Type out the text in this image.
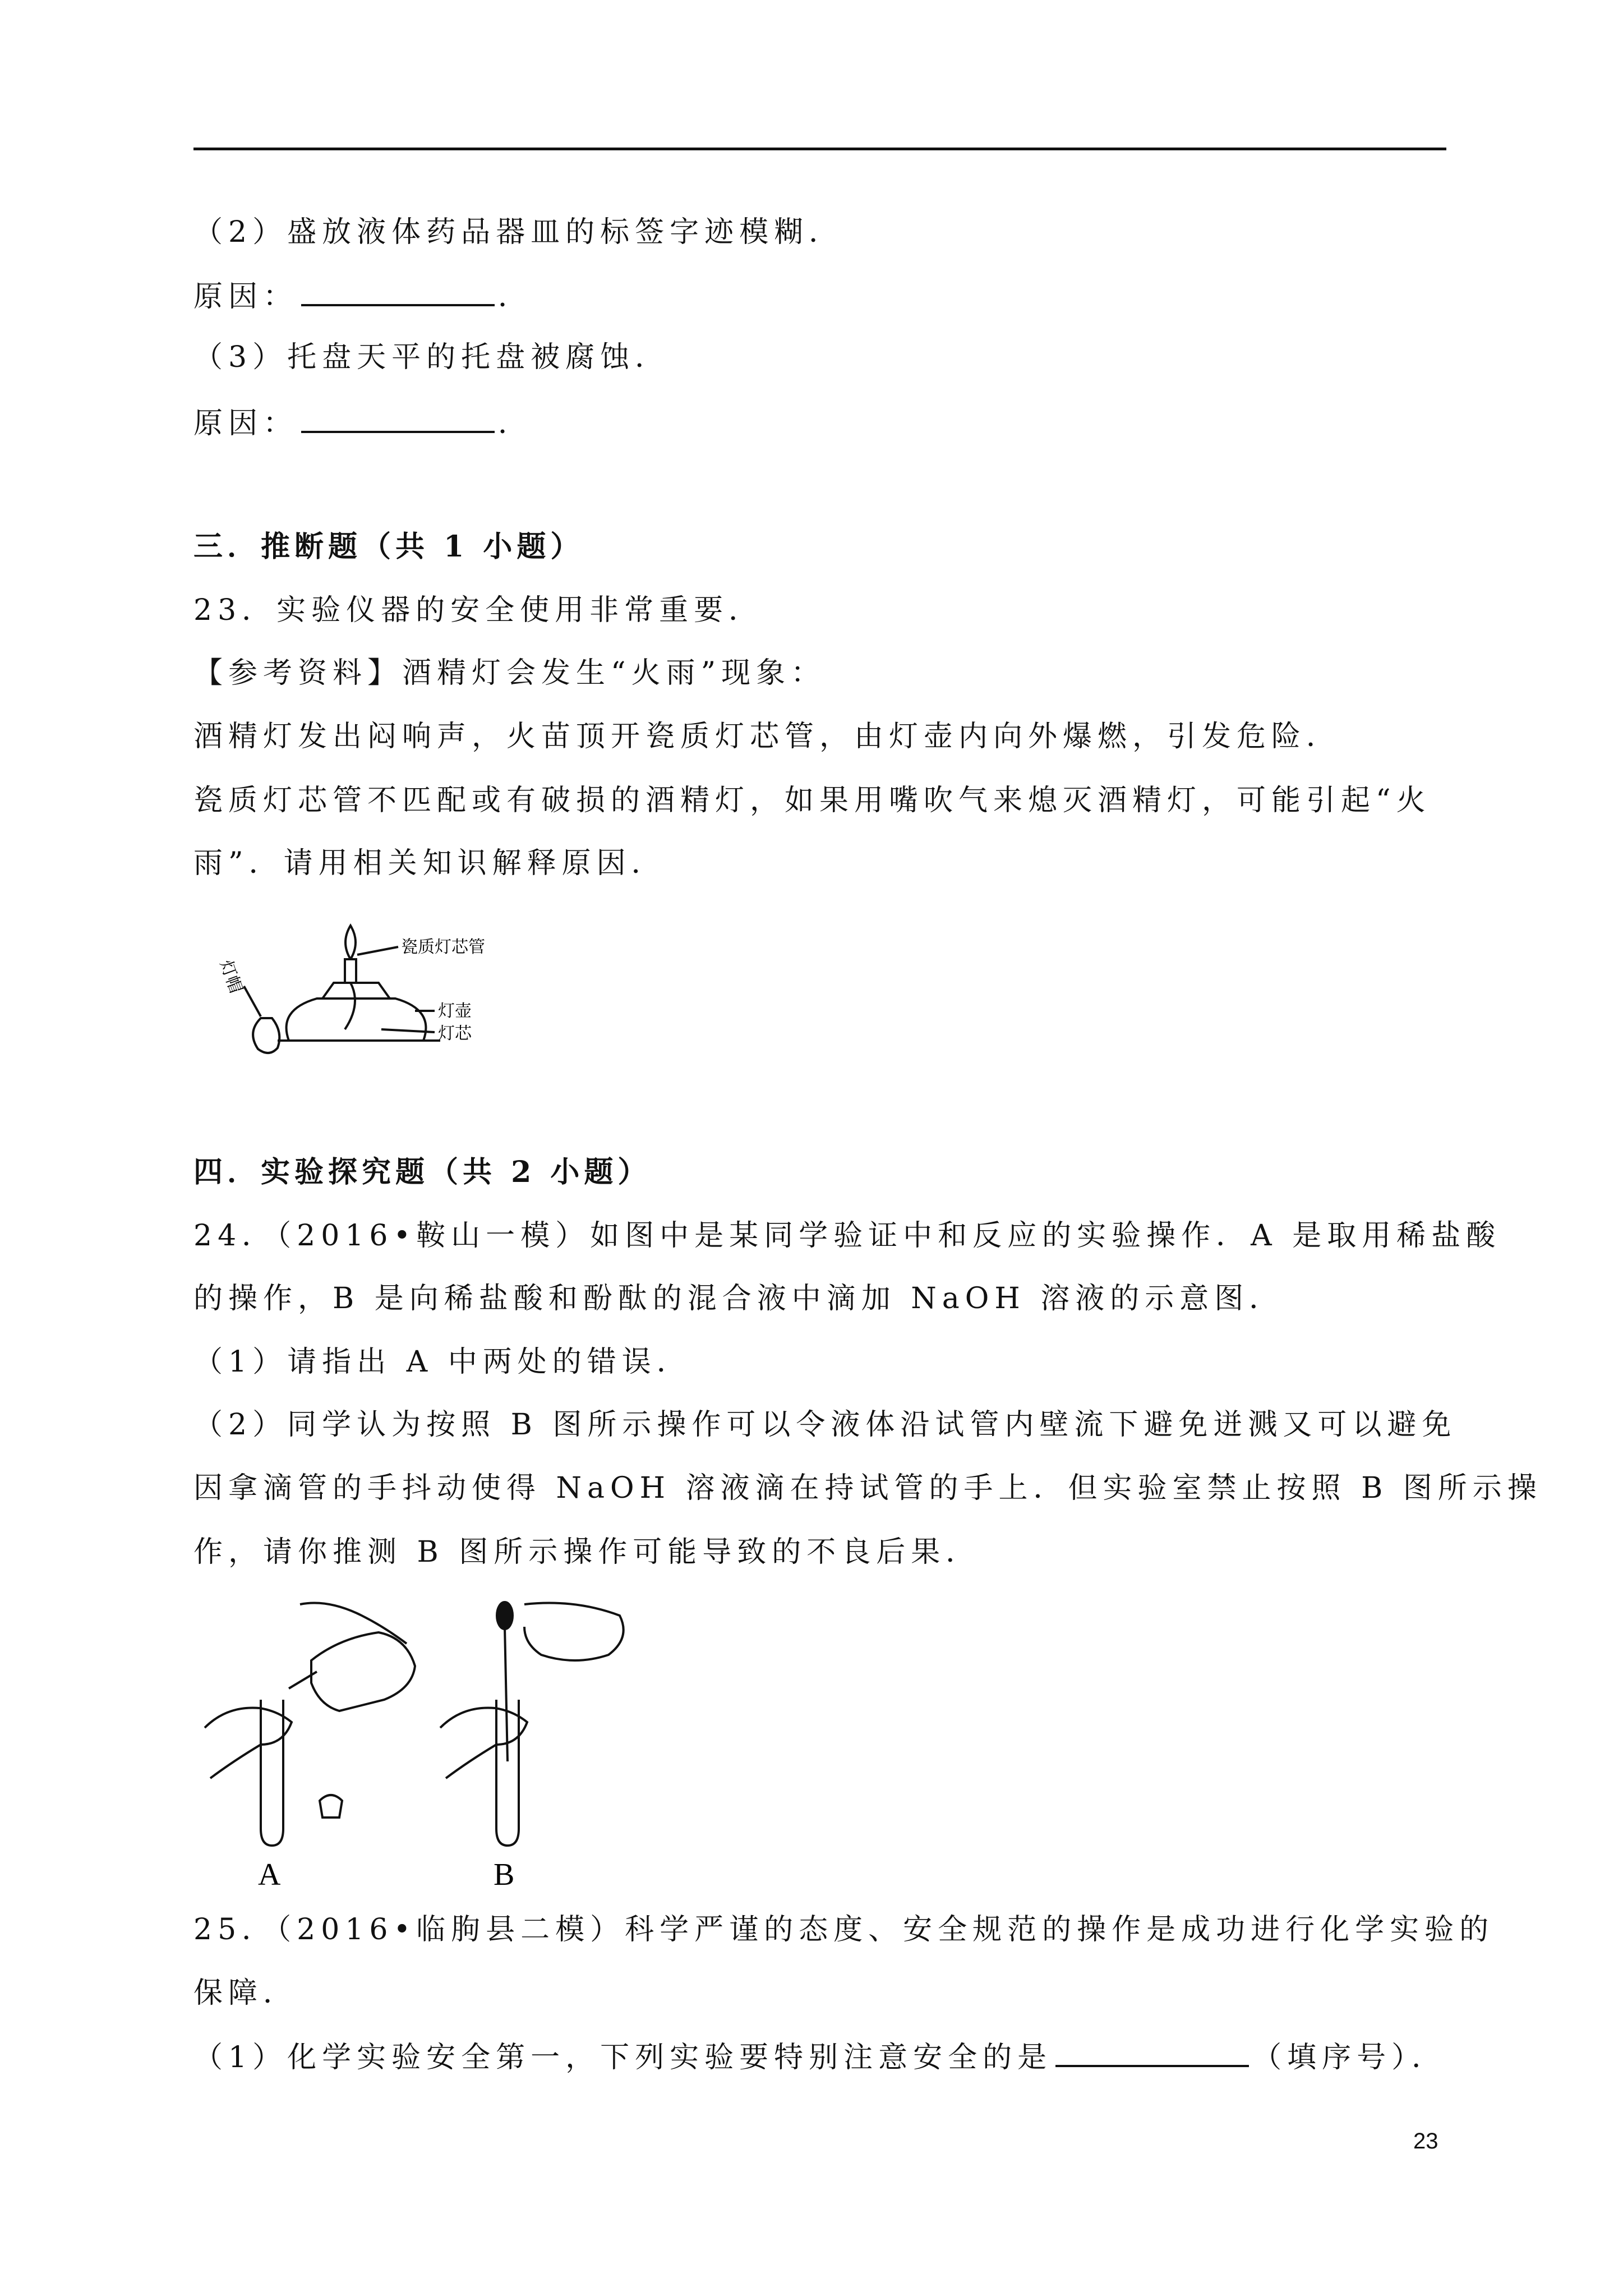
（2）盛放液体药品器皿的标签字迹模糊．
原因：	．
（3）托盘天平的托盘被腐蚀．
原因：	．
三．推断题（共 1 小题）
23．实验仪器的安全使用非常重要．
【参考资料】酒精灯会发生“火雨”现象：
酒精灯发出闷响声，火苗顶开瓷质灯芯管，由灯壶内向外爆燃，引发危险．
瓷质灯芯管不匹配或有破损的酒精灯，如果用嘴吹气来熄灭酒精灯，可能引起“火
雨”．请用相关知识解释原因．
瓷质灯芯管
灯壶
灯芯
灯帽
四．实验探究题（共 2 小题）
24．（2016•鞍山一模）如图中是某同学验证中和反应的实验操作．A 是取用稀盐酸
的操作，B 是向稀盐酸和酚酞的混合液中滴加 NaOH 溶液的示意图．
（1）请指出 A 中两处的错误．
（2）同学认为按照 B 图所示操作可以令液体沿试管内壁流下避免迸溅又可以避免
因拿滴管的手抖动使得 NaOH 溶液滴在持试管的手上．但实验室禁止按照 B 图所示操
作，请你推测 B 图所示操作可能导致的不良后果．
A	B
25．（2016•临朐县二模）科学严谨的态度、安全规范的操作是成功进行化学实验的
保障．
（1）化学实验安全第一，下列实验要特别注意安全的是	（填序号）．
23
